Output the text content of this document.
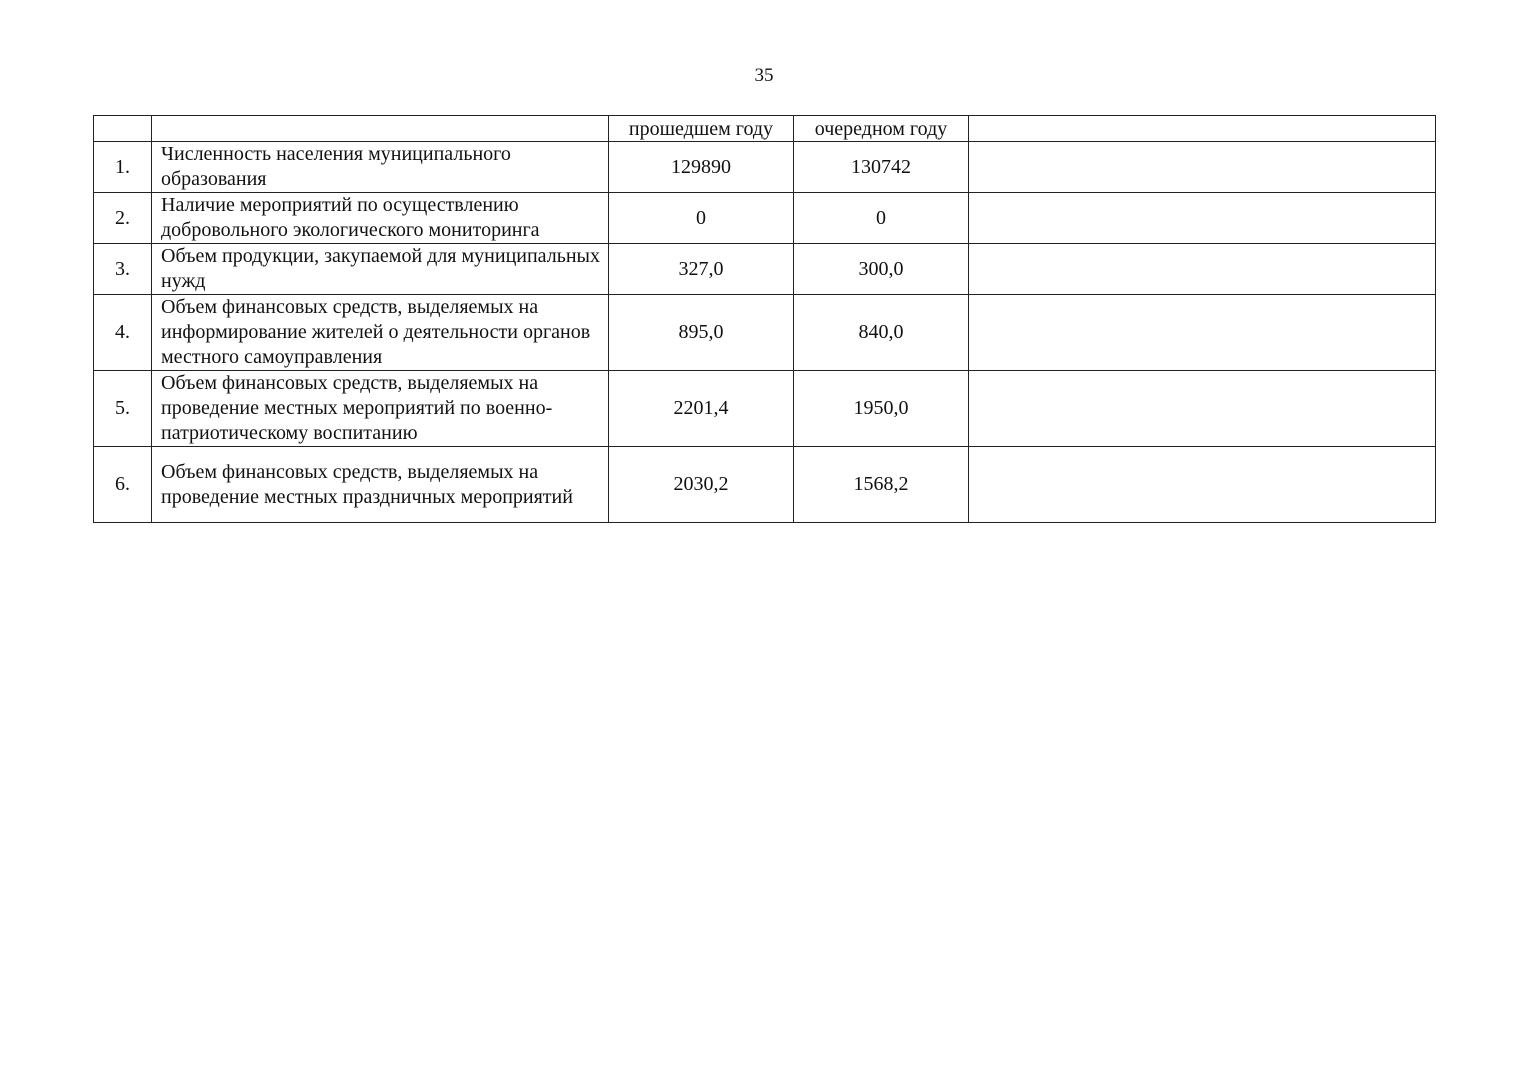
35
		прошедшем году	очередном году	
1.	Численность населения муниципального образования	129890	130742	
2.	Наличие мероприятий по осуществлению добровольного экологического мониторинга	0	0	
3.	Объем продукции, закупаемой для муниципальных нужд	327,0	300,0	
4.	Объем финансовых средств, выделяемых на информирование жителей о деятельности органов местного самоуправления	895,0	840,0	
5.	Объем финансовых средств, выделяемых на проведение местных мероприятий по военно-патриотическому воспитанию	2201,4	1950,0	
6.	Объем финансовых средств, выделяемых на проведение местных праздничных мероприятий	2030,2	1568,2	
